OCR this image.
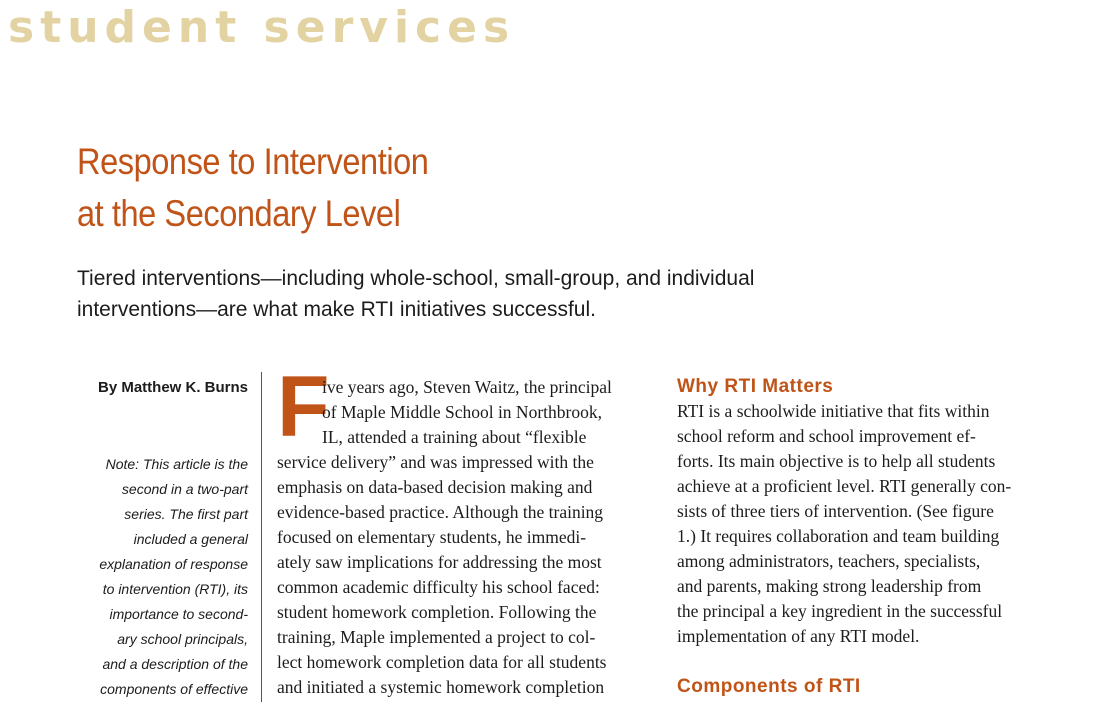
student services
Response to Intervention
at the Secondary Level
Tiered interventions—including whole-school, small-group, and individual
interventions—are what make RTI initiatives successful.
By Matthew K. Burns
Note: This article is the
second in a two-part
series. The first part
included a general
explanation of response
to intervention (RTI), its
importance to second-
ary school principals,
and a description of the
components of effective
F
ive years ago, Steven Waitz, the principal
of Maple Middle School in Northbrook,
IL, attended a training about “flexible
service delivery” and was impressed with the
emphasis on data-based decision making and
evidence-based practice. Although the training
focused on elementary students, he immedi-
ately saw implications for addressing the most
common academic difficulty his school faced:
student homework completion. Following the
training, Maple implemented a project to col-
lect homework completion data for all students
and initiated a systemic homework completion
Why RTI Matters
RTI is a schoolwide initiative that fits within
school reform and school improvement ef-
forts. Its main objective is to help all students
achieve at a proficient level. RTI generally con-
sists of three tiers of intervention. (See figure
1.) It requires collaboration and team building
among administrators, teachers, specialists,
and parents, making strong leadership from
the principal a key ingredient in the successful
implementation of any RTI model.
Components of RTI
